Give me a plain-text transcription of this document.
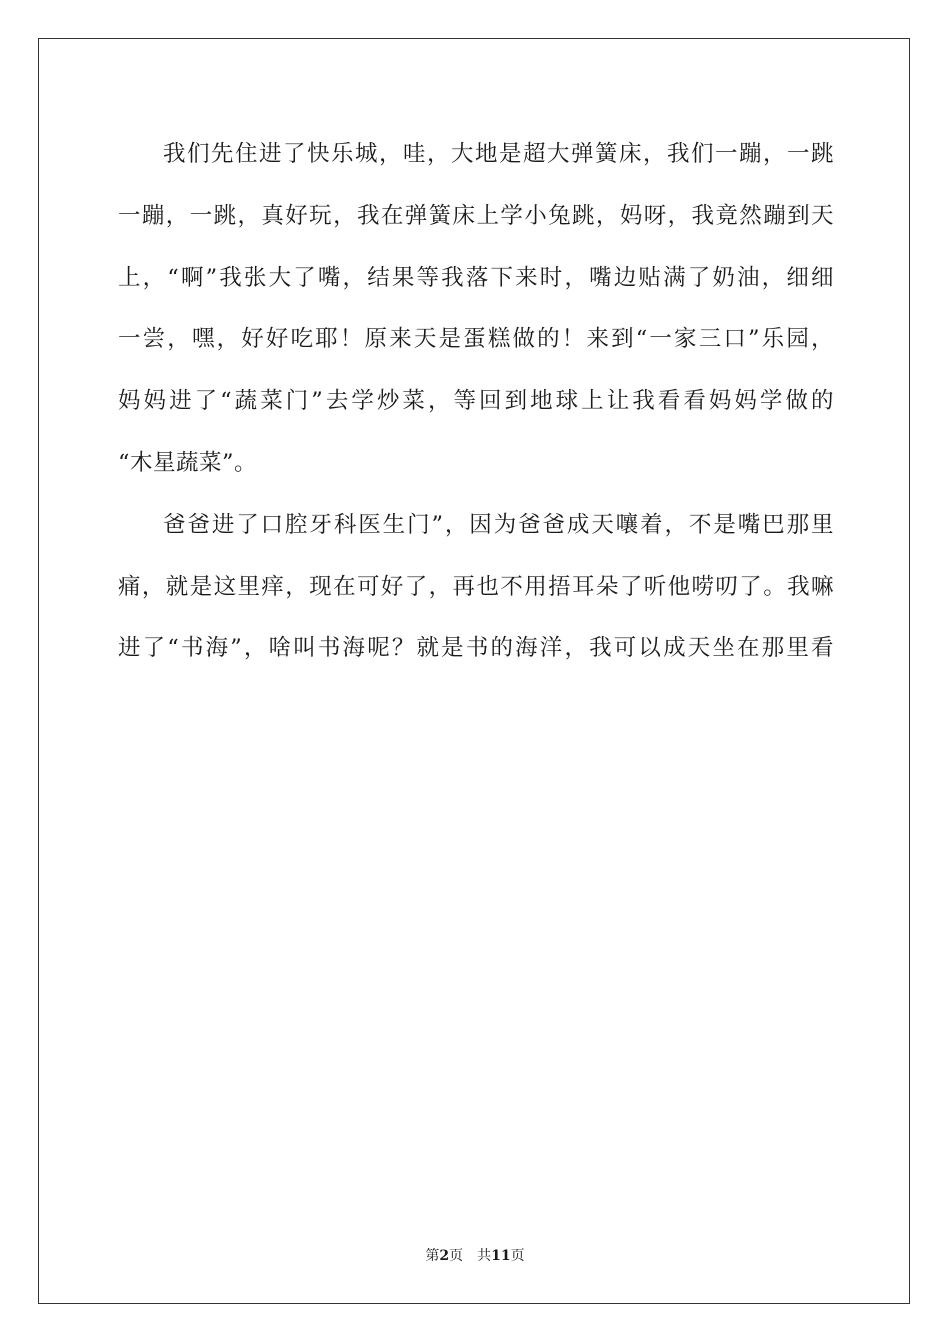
我们先住进了快乐城，哇，大地是超大弹簧床，我们一蹦，一跳
一蹦，一跳，真好玩，我在弹簧床上学小兔跳，妈呀，我竟然蹦到天
上，“啊”我张大了嘴，结果等我落下来时，嘴边贴满了奶油，细细
一尝，嘿，好好吃耶！原来天是蛋糕做的！来到“一家三口”乐园，
妈妈进了“蔬菜门”去学炒菜，等回到地球上让我看看妈妈学做的
“木星蔬菜”。
爸爸进了口腔牙科医生门”，因为爸爸成天嚷着，不是嘴巴那里
痛，就是这里痒，现在可好了，再也不用捂耳朵了听他唠叨了。我嘛
进了“书海”，啥叫书海呢？就是书的海洋，我可以成天坐在那里看
第2页 共11页
